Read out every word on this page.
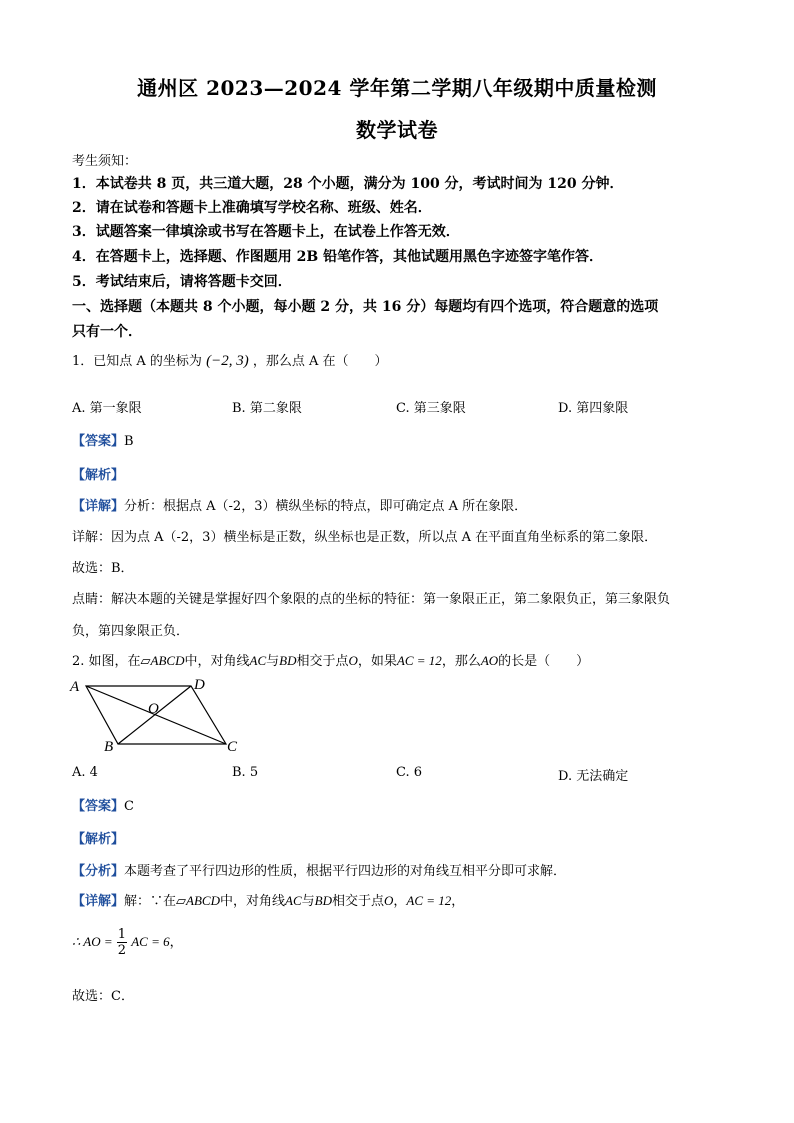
通州区 2023—2024 学年第二学期八年级期中质量检测
数学试卷
考生须知：
1．本试卷共 8 页，共三道大题，28 个小题，满分为 100 分，考试时间为 120 分钟．
2．请在试卷和答题卡上准确填写学校名称、班级、姓名．
3．试题答案一律填涂或书写在答题卡上，在试卷上作答无效．
4．在答题卡上，选择题、作图题用 2B 铅笔作答，其他试题用黑色字迹签字笔作答．
5．考试结束后，请将答题卡交回．
一、选择题（本题共 8 个小题，每小题 2 分，共 16 分）每题均有四个选项，符合题意的选项
只有一个．
1．已知点 A 的坐标为 (−2, 3) ，那么点 A 在（　　）
A. 第一象限	B. 第二象限	C. 第三象限	D. 第四象限
【答案】B
【解析】
【详解】分析：根据点 A（-2，3）横纵坐标的特点，即可确定点 A 所在象限．
详解：因为点 A（-2，3）横坐标是正数，纵坐标也是正数，所以点 A 在平面直角坐标系的第二象限．
故选：B．
点睛：解决本题的关键是掌握好四个象限的点的坐标的特征：第一象限正正，第二象限负正，第三象限负
负，第四象限正负．
2. 如图，在▱ABCD中，对角线AC与BD相交于点O，如果AC = 12，那么AO的长是（　　）
A	D
O
B	C
A. 4	B. 5	C. 6	D. 无法确定
【答案】C
【解析】
【分析】本题考查了平行四边形的性质，根据平行四边形的对角线互相平分即可求解．
【详解】解：∵在▱ABCD中，对角线AC与BD相交于点O，AC = 12，
∴ AO = $\frac{1}{2}$ AC = 6，
故选：C．
